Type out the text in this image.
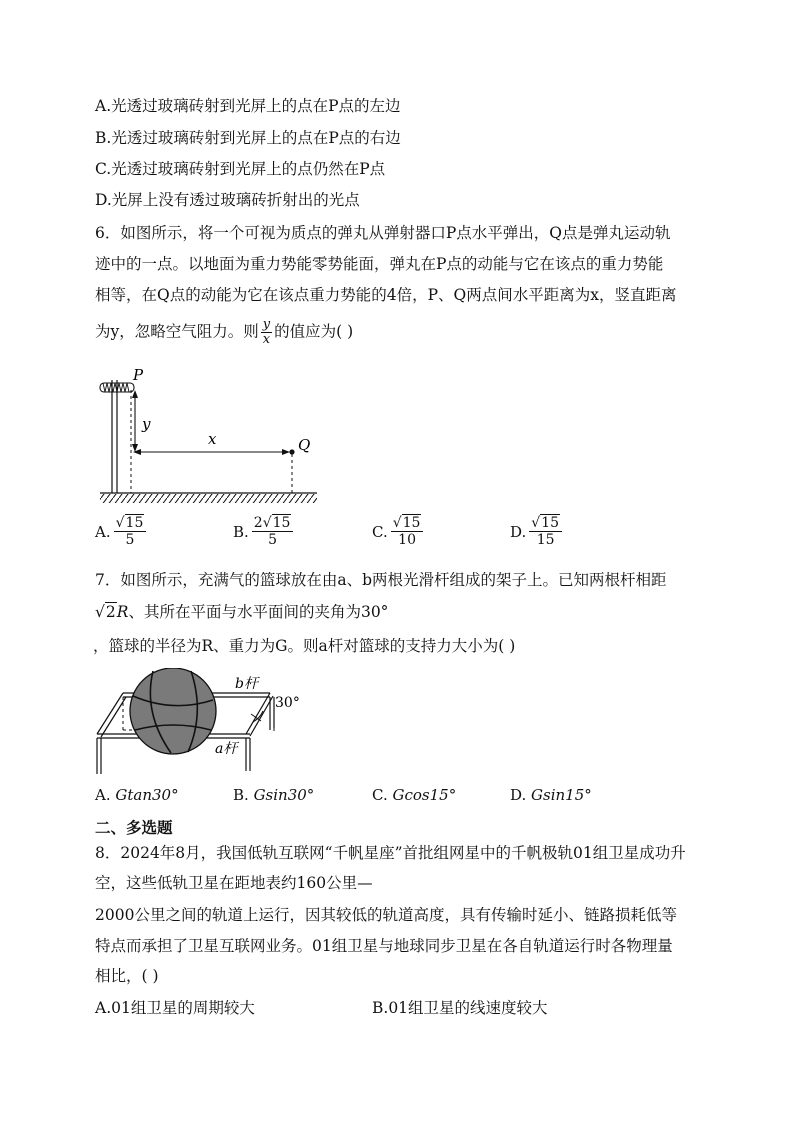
A.光透过玻璃砖射到光屏上的点在P点的左边
B.光透过玻璃砖射到光屏上的点在P点的右边
C.光透过玻璃砖射到光屏上的点仍然在P点
D.光屏上没有透过玻璃砖折射出的光点
6．如图所示，将一个可视为质点的弹丸从弹射器口P点水平弹出，Q点是弹丸运动轨
迹中的一点。以地面为重力势能零势能面，弹丸在P点的动能与它在该点的重力势能
相等，在Q点的动能为它在该点重力势能的4倍，P、Q两点间水平距离为x，竖直距离
为y，忽略空气阻力。则 $\frac{y}{x}$ 的值应为( )
P
y
x	Q
A. $\frac{√15}{5}$	B. $\frac{2√15}{5}$	C. $\frac{√15}{10}$	D. $\frac{√15}{15}$
7．如图所示，充满气的篮球放在由a、b两根光滑杆组成的架子上。已知两根杆相距
√2R、其所在平面与水平面间的夹角为30°
，篮球的半径为R、重力为G。则a杆对篮球的支持力大小为( )
b杆
a杆
30°
A. Gtan30°	B. Gsin30°	C. Gcos15°	D. Gsin15°
二、多选题
8．2024年8月，我国低轨互联网“千帆星座”首批组网星中的千帆极轨01组卫星成功升
空，这些低轨卫星在距地表约160公里—
2000公里之间的轨道上运行，因其较低的轨道高度，具有传输时延小、链路损耗低等
特点而承担了卫星互联网业务。01组卫星与地球同步卫星在各自轨道运行时各物理量
相比，( )
A.01组卫星的周期较大	B.01组卫星的线速度较大
